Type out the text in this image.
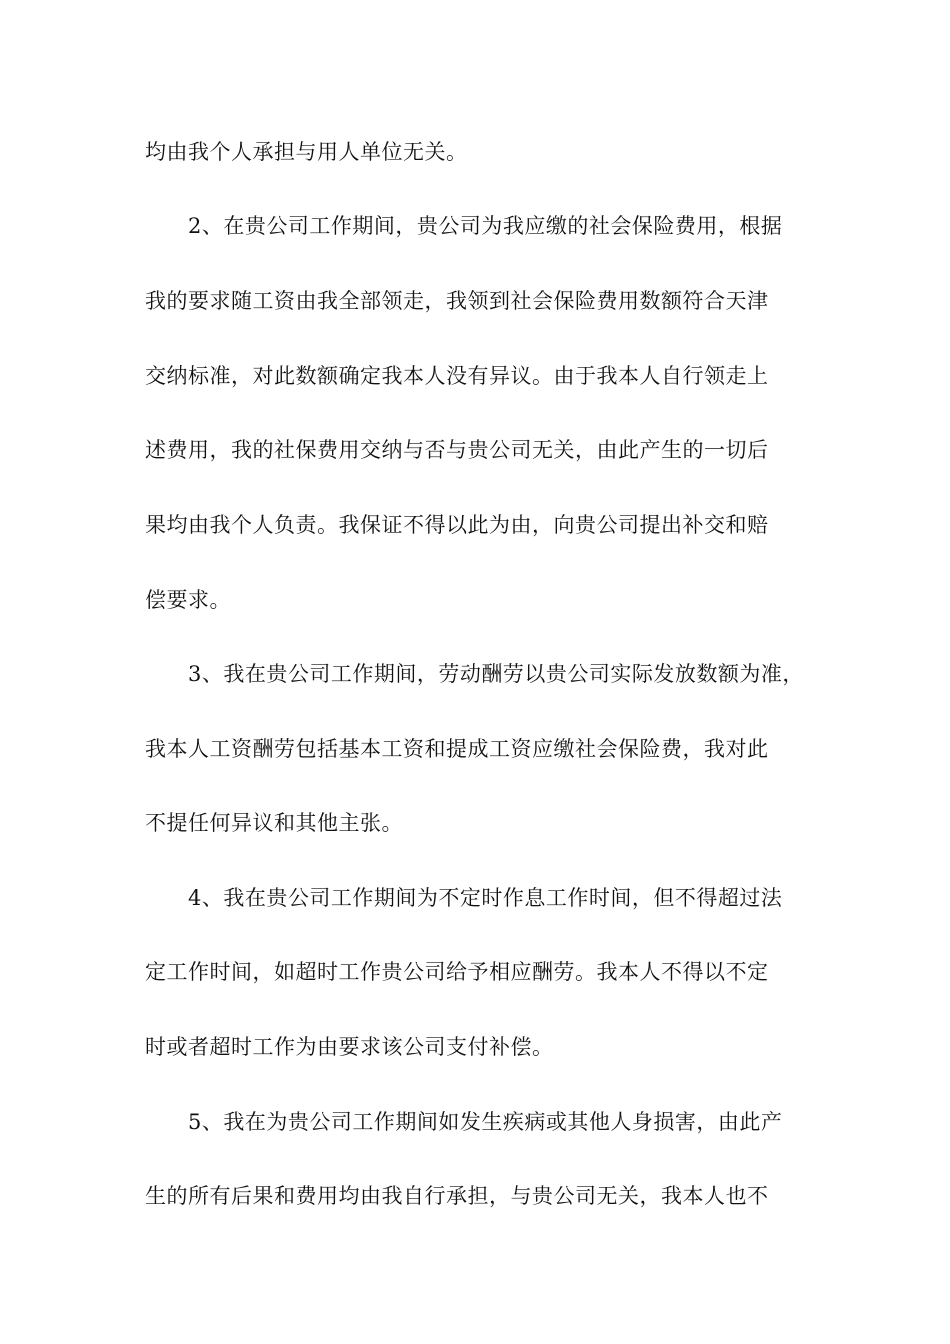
均由我个人承担与用人单位无关。
2、在贵公司工作期间，贵公司为我应缴的社会保险费用，根据
我的要求随工资由我全部领走，我领到社会保险费用数额符合天津
交纳标准，对此数额确定我本人没有异议。由于我本人自行领走上
述费用，我的社保费用交纳与否与贵公司无关，由此产生的一切后
果均由我个人负责。我保证不得以此为由，向贵公司提出补交和赔
偿要求。
3、我在贵公司工作期间，劳动酬劳以贵公司实际发放数额为准，
我本人工资酬劳包括基本工资和提成工资应缴社会保险费，我对此
不提任何异议和其他主张。
4、我在贵公司工作期间为不定时作息工作时间，但不得超过法
定工作时间，如超时工作贵公司给予相应酬劳。我本人不得以不定
时或者超时工作为由要求该公司支付补偿。
5、我在为贵公司工作期间如发生疾病或其他人身损害，由此产
生的所有后果和费用均由我自行承担，与贵公司无关，我本人也不
